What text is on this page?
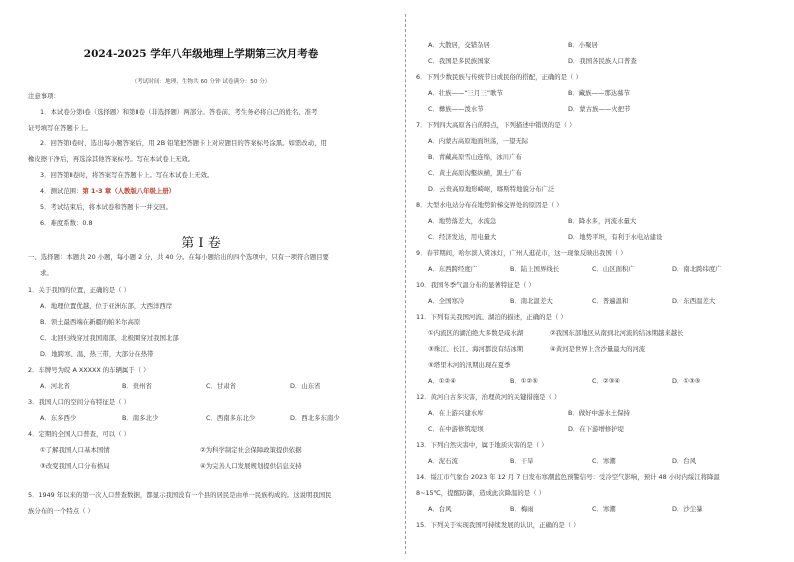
2024-2025 学年八年级地理上学期第三次月考卷
（考试时间：地理、生物共 60 分钟 试卷满分：50 分）
注意事项：
1．本试卷分第Ⅰ卷（选择题）和第Ⅱ卷（非选择题）两部分。答卷前，考生务必将自己的姓名、准考
证号填写在答题卡上。
2．回答第Ⅰ卷时，选出每小题答案后，用 2B 铅笔把答题卡上对应题目的答案标号涂黑。如需改动，用
橡皮擦干净后，再选涂其他答案标号。写在本试卷上无效。
3．回答第Ⅱ卷时，将答案写在答题卡上。写在本试卷上无效。
4．测试范围：第 1-3 章（人教版八年级上册）
5．考试结束后，将本试卷和答题卡一并交回。
6．难度系数：0.8
第 Ⅰ 卷
一、选择题：本题共 20 小题，每小题 2 分，共 40 分。在每小题给出的四个选项中，只有一项符合题目要
求。
1．关于我国的位置，正确的是（ ）
A．地理位置优越，位于亚洲东部，大西洋西岸
B．领土最西端在新疆的帕米尔高原
C．北回归线穿过我国南部，北极圈穿过我国北部
D．地跨寒、温、热三带，大部分在热带
2．车牌号为皖 A XXXXX 的车辆属于（ ）
A．河北省	B．贵州省	C．甘肃省	D．山东省
3．我国人口的空间分布特征是（ ）
A．东多西少	B．南多北少	C．西南多东北少	D．西北多东南少
4．定期的全国人口普查，可以（ ）
①了解我国人口基本国情	②为科学制定社会保障政策提供依据
③改变我国人口分布格局	④为完善人口发展规划提供信息支持
5．1949 年以来的第一次人口普查数据，都显示我国没有一个县的居民是由单一民族构成的。这说明我国民
族分布的一个特点（ ）
A．大散居，交错杂居	B．小聚居
C．我国是多民族国家	D．我国各民族人口普查
6．下列少数民族与传统节日或民俗的搭配，正确的是（ ）
A．壮族——“三月三”歌节	B．藏族——那达慕节
C．彝族——泼水节	D．蒙古族——火把节
7．下列四大高原各自的特点，下列描述中错误的是（ ）
A．内蒙古高原地面坦荡，一望无际
B．青藏高原雪山连绵，冰川广布
C．黄土高原沟壑纵横，黑土广布
D．云贵高原地形崎岖，喀斯特地貌分布广泛
8．大型水电站分布在地势阶梯交界处的原因是（ ）
A．地势落差大，水流急	B．降水多，河流水量大
C．经济发达，用电量大	D．地势平坦，有利于水电站建设
9．春节期间，哈尔滨人赏冰灯，广州人逛花市，这一现象反映出我国（ ）
A．东西跨经度广	B．陆上国界线长	C．山区面积广	D．南北跨纬度广
10．我国冬季气温分布的显著特征是（ ）
A．全国寒冷	B．南北温差大	C．普遍温和	D．东西温差大
11．下列有关我国河流、湖泊的描述，正确的是（ ）
①内流区的湖泊绝大多数是咸水湖	②我国东部地区从南到北河流的结冰期越来越长
③珠江、长江、海河都没有结冰期	④黄河是世界上含沙量最大的河流
⑤塔里木河的汛期出现在夏季
A．①②④	B．①②⑤	C．②③④	D．①③⑤
12．黄河自古多灾害，治理黄河的关键措施是（ ）
A．在上游兴建水库	B．做好中游水土保持
C．在中游修筑堤坝	D．在下游增修护堤
13．下列自然灾害中，属于地质灾害的是（ ）
A．泥石流	B．干旱	C．寒潮	D．台风
14．绥江市气象台 2023 年 12 月 7 日发布寒潮蓝色预警信号：受冷空气影响，预计 48 小时内绥江将降温
8~15℃，提醒防御，造成此次降温的是（ ）
A．台风	B．梅雨	C．寒潮	D．沙尘暴
15．下列关于实现我国可持续发展的认识，正确的是（ ）
